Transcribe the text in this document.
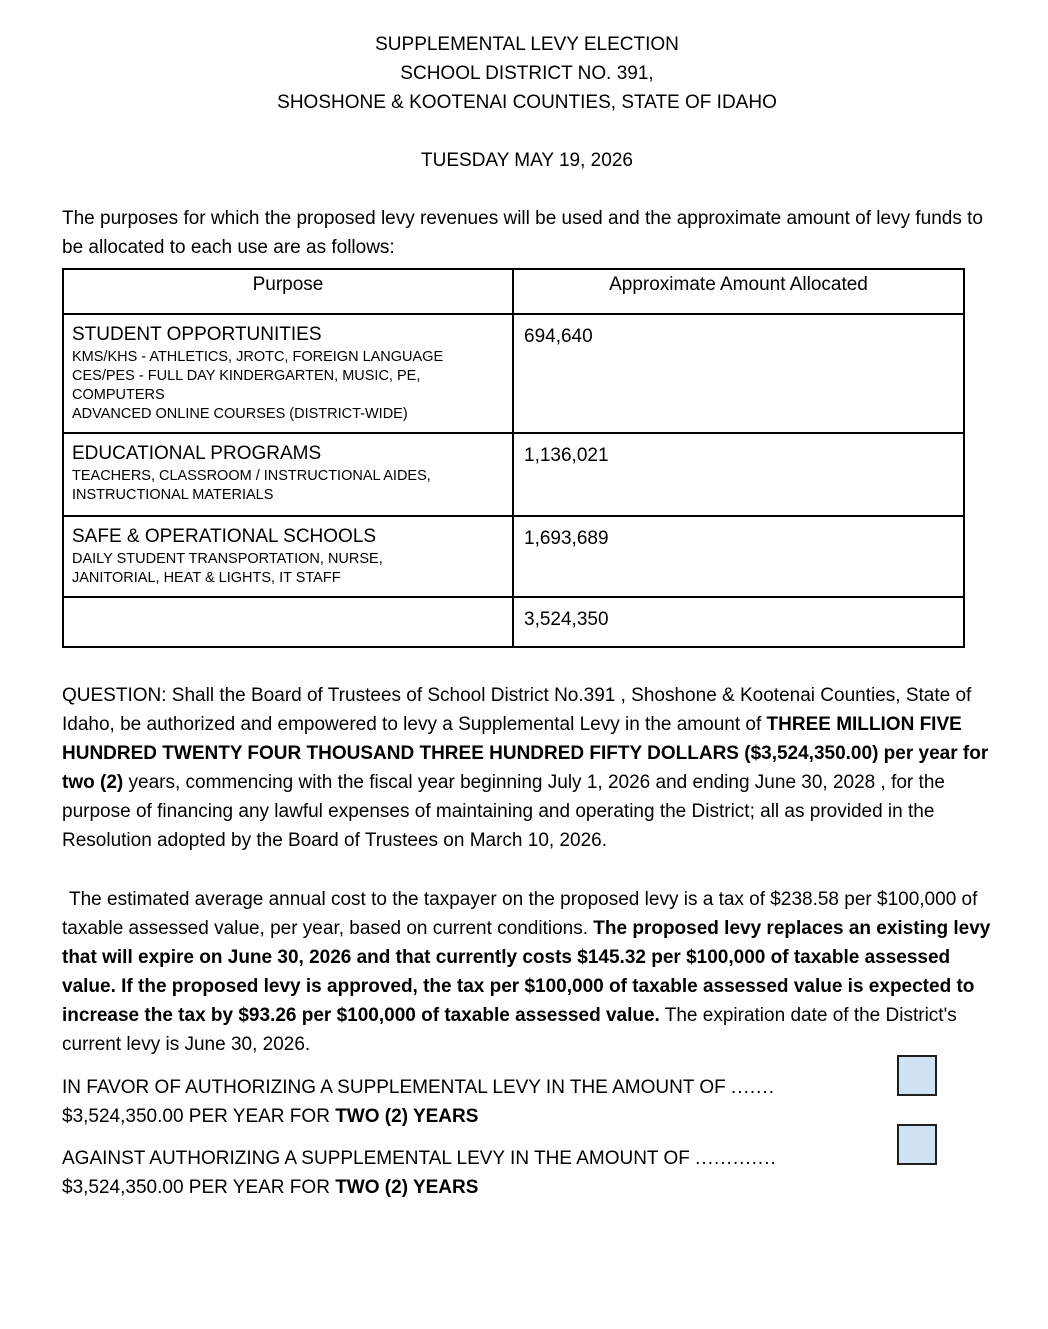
SUPPLEMENTAL LEVY ELECTION
SCHOOL DISTRICT NO. 391,
SHOSHONE & KOOTENAI COUNTIES, STATE OF IDAHO
TUESDAY MAY 19, 2026

The purposes for which the proposed levy revenues will be used and the approximate amount of levy funds to be allocated to each use are as follows:

Purpose	Approximate Amount Allocated

STUDENT OPPORTUNITIES
KMS/KHS - ATHLETICS, JROTC, FOREIGN LANGUAGE
CES/PES - FULL DAY KINDERGARTEN, MUSIC, PE,
COMPUTERS
ADVANCED ONLINE COURSES (DISTRICT-WIDE)	694,640

EDUCATIONAL PROGRAMS
TEACHERS, CLASSROOM / INSTRUCTIONAL AIDES,
INSTRUCTIONAL MATERIALS	1,136,021

SAFE & OPERATIONAL SCHOOLS
DAILY STUDENT TRANSPORTATION, NURSE,
JANITORIAL, HEAT & LIGHTS, IT STAFF	1,693,689
	3,524,350

QUESTION: Shall the Board of Trustees of School District No.391 , Shoshone & Kootenai Counties, State of Idaho, be authorized and empowered to levy a Supplemental Levy in the amount of THREE MILLION FIVE HUNDRED TWENTY FOUR THOUSAND THREE HUNDRED FIFTY DOLLARS ($3,524,350.00) per year for two (2) years, commencing with the fiscal year beginning July 1, 2026 and ending June 30, 2028 , for the purpose of financing any lawful expenses of maintaining and operating the District; all as provided in the Resolution adopted by the Board of Trustees on March 10, 2026.

The estimated average annual cost to the taxpayer on the proposed levy is a tax of $238.58 per $100,000 of taxable assessed value, per year, based on current conditions. The proposed levy replaces an existing levy that will expire on June 30, 2026 and that currently costs $145.32 per $100,000 of taxable assessed value. If the proposed levy is approved, the tax per $100,000 of taxable assessed value is expected to increase the tax by $93.26 per $100,000 of taxable assessed value. The expiration date of the District's current levy is June 30, 2026.

IN FAVOR OF AUTHORIZING A SUPPLEMENTAL LEVY IN THE AMOUNT OF .......
$3,524,350.00 PER YEAR FOR TWO (2) YEARS
AGAINST AUTHORIZING A SUPPLEMENTAL LEVY IN THE AMOUNT OF .............
$3,524,350.00 PER YEAR FOR TWO (2) YEARS
